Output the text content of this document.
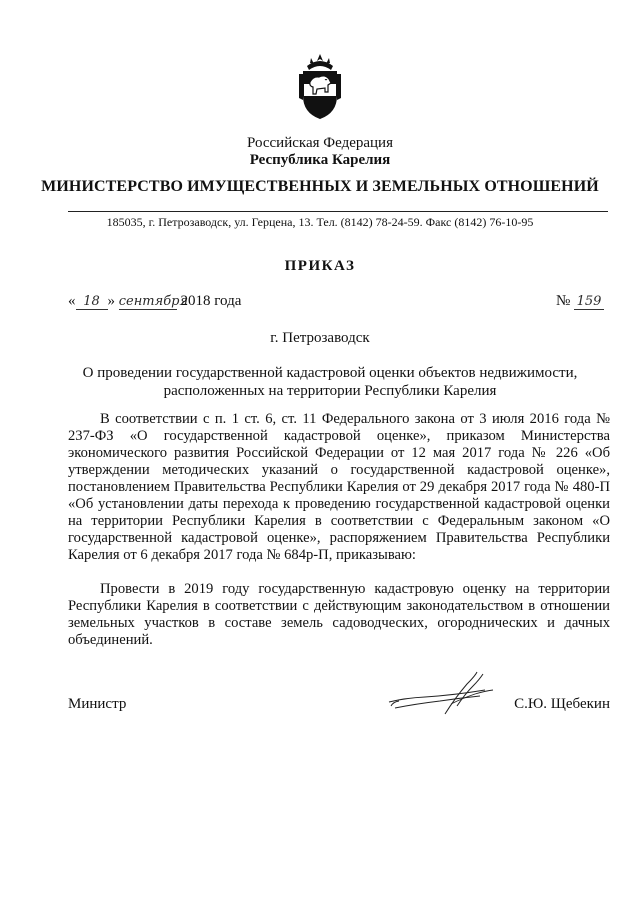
Российская Федерация
Республика Карелия
МИНИСТЕРСТВО ИМУЩЕСТВЕННЫХ И ЗЕМЕЛЬНЫХ ОТНОШЕНИЙ
185035, г. Петрозаводск, ул. Герцена, 13. Тел. (8142) 78-24-59. Факс (8142) 76-10-95
ПРИКАЗ
« 18 » сентября 2018 года	№ 159
г. Петрозаводск
О проведении государственной кадастровой оценки объектов недвижимости, расположенных на территории Республики Карелия
В соответствии с п. 1 ст. 6, ст. 11 Федерального закона от 3 июля 2016 года № 237-ФЗ «О государственной кадастровой оценке», приказом Министерства экономического развития Российской Федерации от 12 мая 2017 года № 226 «Об утверждении методических указаний о государственной кадастровой оценке», постановлением Правительства Республики Карелия от 29 декабря 2017 года № 480-П «Об установлении даты перехода к проведению государственной кадастровой оценки на территории Республики Карелия в соответствии с Федеральным законом «О государственной кадастровой оценке», распоряжением Правительства Республики Карелия от 6 декабря 2017 года № 684р-П, приказываю:
Провести в 2019 году государственную кадастровую оценку на территории Республики Карелия в соответствии с действующим законодательством в отношении земельных участков в составе земель садоводческих, огороднических и дачных объединений.
Министр	С.Ю. Щебекин
